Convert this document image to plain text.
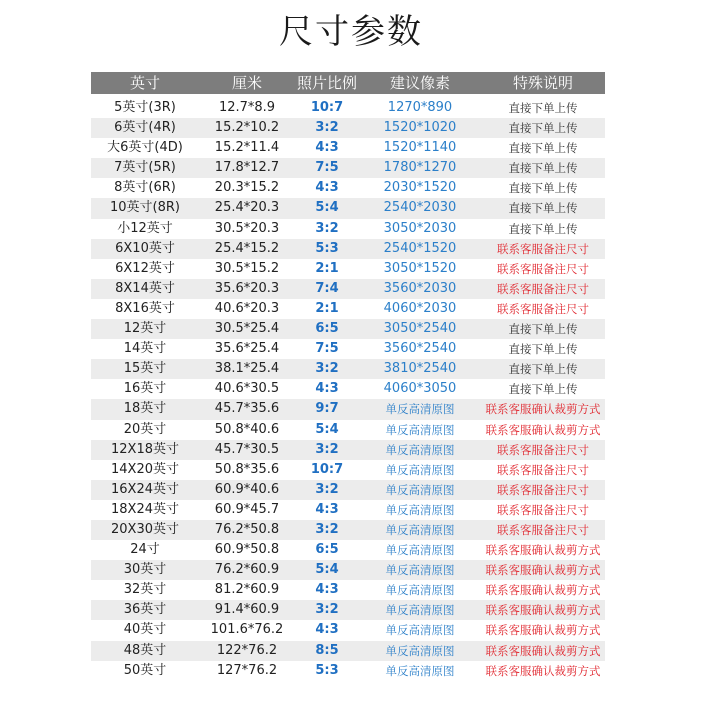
尺寸参数
英寸	厘米	照片比例	建议像素	特殊说明
5英寸(3R)	12.7*8.9	10:7	1270*890	直接下单上传
6英寸(4R)	15.2*10.2	3:2	1520*1020	直接下单上传
大6英寸(4D)	15.2*11.4	4:3	1520*1140	直接下单上传
7英寸(5R)	17.8*12.7	7:5	1780*1270	直接下单上传
8英寸(6R)	20.3*15.2	4:3	2030*1520	直接下单上传
10英寸(8R)	25.4*20.3	5:4	2540*2030	直接下单上传
小12英寸	30.5*20.3	3:2	3050*2030	直接下单上传
6X10英寸	25.4*15.2	5:3	2540*1520	联系客服备注尺寸
6X12英寸	30.5*15.2	2:1	3050*1520	联系客服备注尺寸
8X14英寸	35.6*20.3	7:4	3560*2030	联系客服备注尺寸
8X16英寸	40.6*20.3	2:1	4060*2030	联系客服备注尺寸
12英寸	30.5*25.4	6:5	3050*2540	直接下单上传
14英寸	35.6*25.4	7:5	3560*2540	直接下单上传
15英寸	38.1*25.4	3:2	3810*2540	直接下单上传
16英寸	40.6*30.5	4:3	4060*3050	直接下单上传
18英寸	45.7*35.6	9:7	单反高清原图	联系客服确认裁剪方式
20英寸	50.8*40.6	5:4	单反高清原图	联系客服确认裁剪方式
12X18英寸	45.7*30.5	3:2	单反高清原图	联系客服备注尺寸
14X20英寸	50.8*35.6	10:7	单反高清原图	联系客服备注尺寸
16X24英寸	60.9*40.6	3:2	单反高清原图	联系客服备注尺寸
18X24英寸	60.9*45.7	4:3	单反高清原图	联系客服备注尺寸
20X30英寸	76.2*50.8	3:2	单反高清原图	联系客服备注尺寸
24寸	60.9*50.8	6:5	单反高清原图	联系客服确认裁剪方式
30英寸	76.2*60.9	5:4	单反高清原图	联系客服确认裁剪方式
32英寸	81.2*60.9	4:3	单反高清原图	联系客服确认裁剪方式
36英寸	91.4*60.9	3:2	单反高清原图	联系客服确认裁剪方式
40英寸	101.6*76.2	4:3	单反高清原图	联系客服确认裁剪方式
48英寸	122*76.2	8:5	单反高清原图	联系客服确认裁剪方式
50英寸	127*76.2	5:3	单反高清原图	联系客服确认裁剪方式
